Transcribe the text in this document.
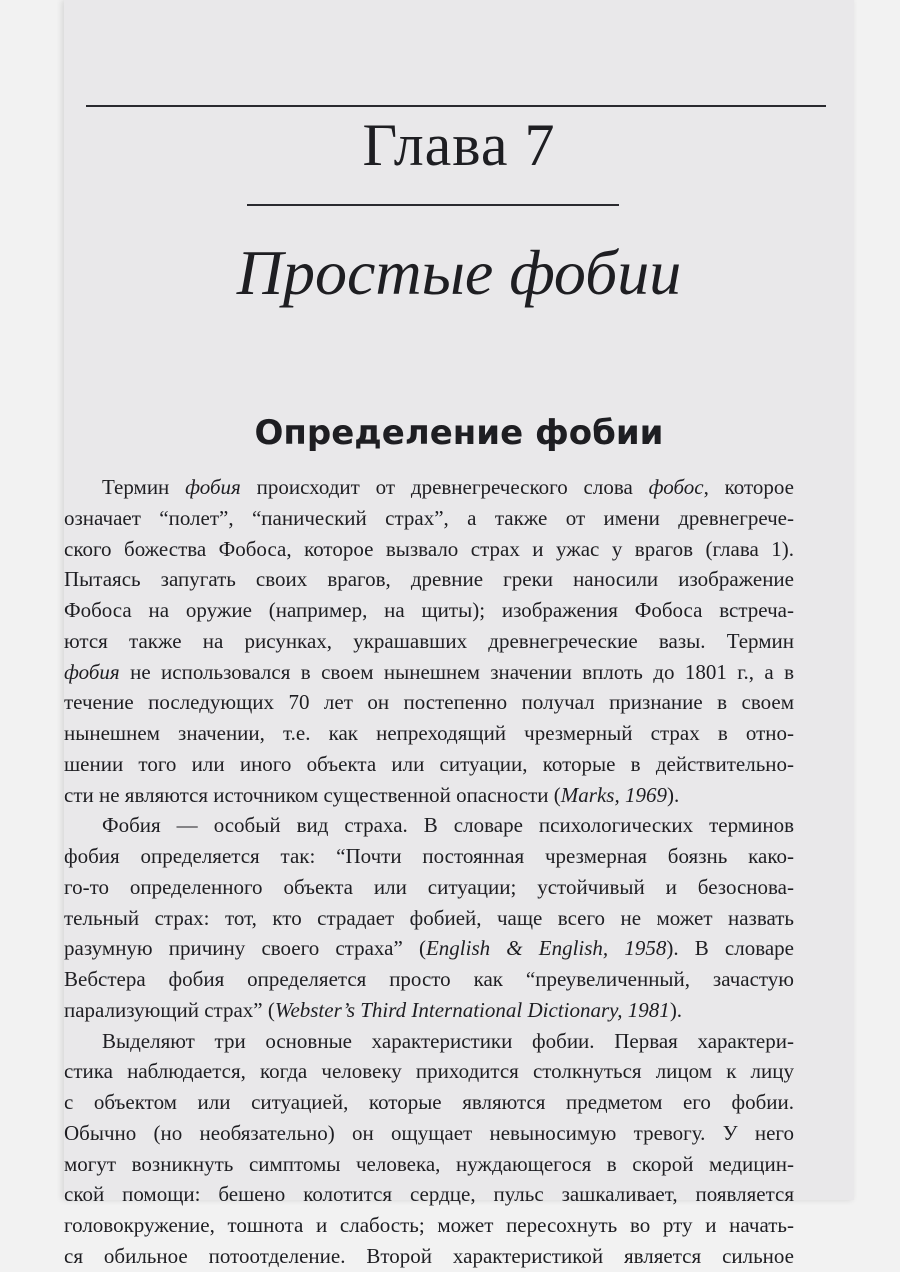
Глава 7
Простые фобии
Определение фобии
Термин фобия происходит от древнегреческого слова фобос, которое
означает “полет”, “панический страх”, а также от имени древнегрече-
ского божества Фобоса, которое вызвало страх и ужас у врагов (глава 1).
Пытаясь запугать своих врагов, древние греки наносили изображение
Фобоса на оружие (например, на щиты); изображения Фобоса встреча-
ются также на рисунках, украшавших древнегреческие вазы. Термин
фобия не использовался в своем нынешнем значении вплоть до 1801 г., а в
течение последующих 70 лет он постепенно получал признание в своем
нынешнем значении, т.е. как непреходящий чрезмерный страх в отно-
шении того или иного объекта или ситуации, которые в действительно-
сти не являются источником существенной опасности (Marks, 1969).
Фобия — особый вид страха. В словаре психологических терминов
фобия определяется так: “Почти постоянная чрезмерная боязнь како-
го-то определенного объекта или ситуации; устойчивый и безоснова-
тельный страх: тот, кто страдает фобией, чаще всего не может назвать
разумную причину своего страха” (English & English, 1958). В словаре
Вебстера фобия определяется просто как “преувеличенный, зачастую
парализующий страх” (Webster’s Third International Dictionary, 1981).
Выделяют три основные характеристики фобии. Первая характери-
стика наблюдается, когда человеку приходится столкнуться лицом к лицу
с объектом или ситуацией, которые являются предметом его фобии.
Обычно (но необязательно) он ощущает невыносимую тревогу. У него
могут возникнуть симптомы человека, нуждающегося в скорой медицин-
ской помощи: бешено колотится сердце, пульс зашкаливает, появляется
головокружение, тошнота и слабость; может пересохнуть во рту и начать-
ся обильное потоотделение. Второй характеристикой является сильное
